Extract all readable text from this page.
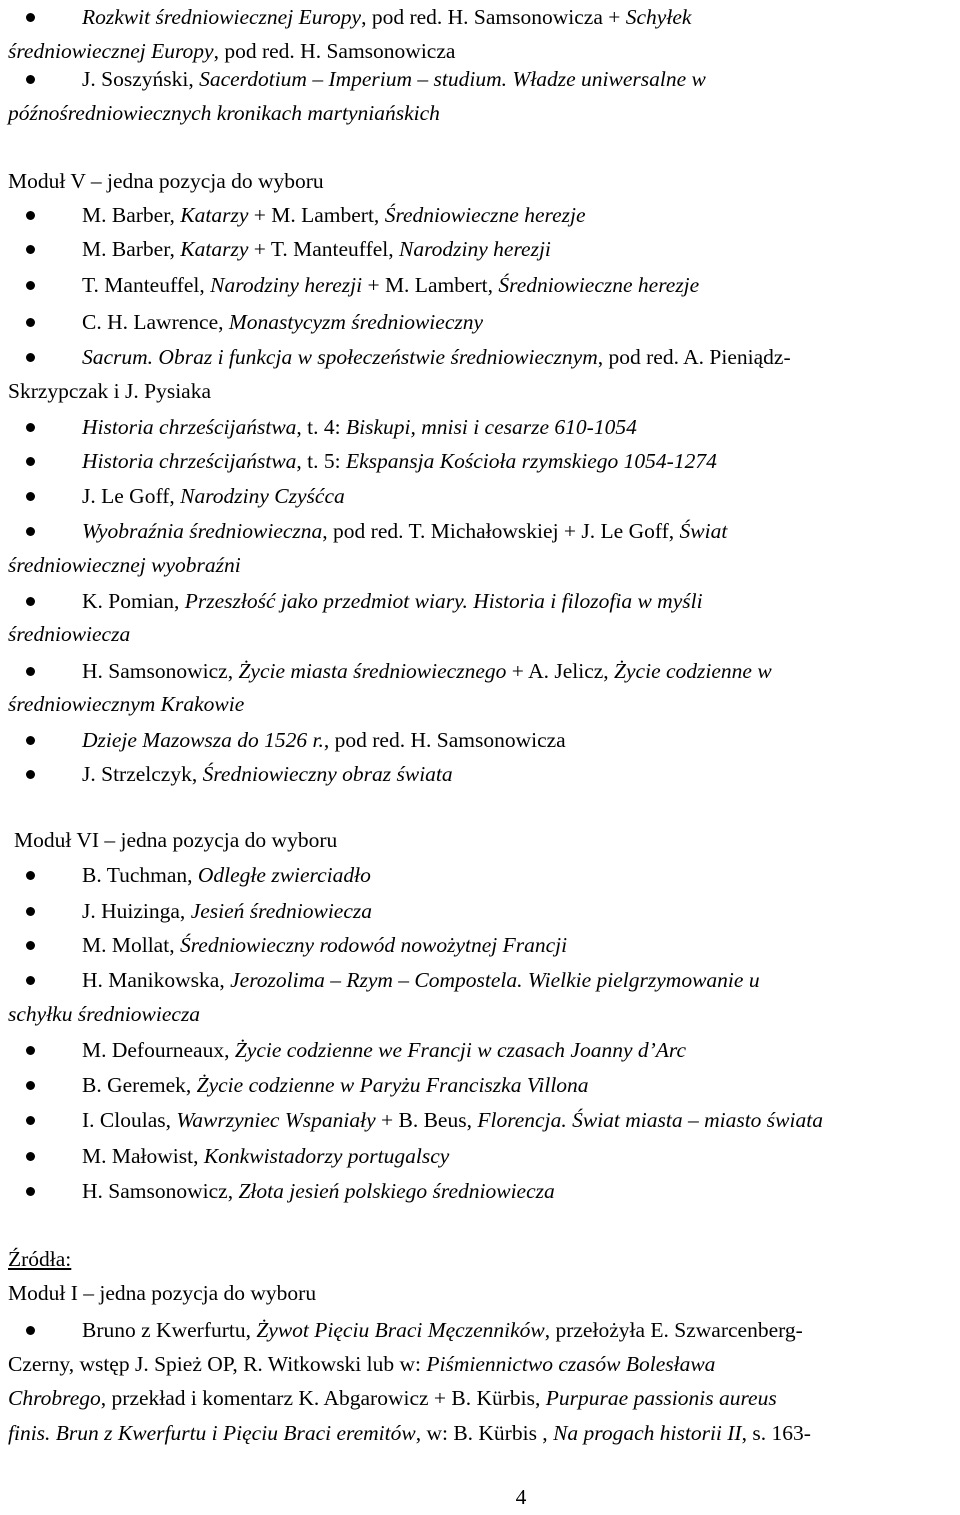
Rozkwit średniowiecznej Europy, pod red. H. Samsonowicza + Schyłek
średniowiecznej Europy, pod red. H. Samsonowicza
J. Soszyński, Sacerdotium – Imperium – studium. Władze uniwersalne w
późnośredniowiecznych kronikach martyniańskich
Moduł V – jedna pozycja do wyboru
M. Barber, Katarzy + M. Lambert, Średniowieczne herezje
M. Barber, Katarzy + T. Manteuffel, Narodziny herezji
T. Manteuffel, Narodziny herezji + M. Lambert, Średniowieczne herezje
C. H. Lawrence, Monastycyzm średniowieczny
Sacrum. Obraz i funkcja w społeczeństwie średniowiecznym, pod red. A. Pieniądz-
Skrzypczak i J. Pysiaka
Historia chrześcijaństwa, t. 4: Biskupi, mnisi i cesarze 610-1054
Historia chrześcijaństwa, t. 5: Ekspansja Kościoła rzymskiego 1054-1274
J. Le Goff, Narodziny Czyśćca
Wyobraźnia średniowieczna, pod red. T. Michałowskiej + J. Le Goff, Świat
średniowiecznej wyobraźni
K. Pomian, Przeszłość jako przedmiot wiary. Historia i filozofia w myśli
średniowiecza
H. Samsonowicz, Życie miasta średniowiecznego + A. Jelicz, Życie codzienne w
średniowiecznym Krakowie
Dzieje Mazowsza do 1526 r., pod red. H. Samsonowicza
J. Strzelczyk, Średniowieczny obraz świata
Moduł VI – jedna pozycja do wyboru
B. Tuchman, Odległe zwierciadło
J. Huizinga, Jesień średniowiecza
M. Mollat, Średniowieczny rodowód nowożytnej Francji
H. Manikowska, Jerozolima – Rzym – Compostela. Wielkie pielgrzymowanie u
schyłku średniowiecza
M. Defourneaux, Życie codzienne we Francji w czasach Joanny d’Arc
B. Geremek, Życie codzienne w Paryżu Franciszka Villona
I. Cloulas, Wawrzyniec Wspaniały + B. Beus, Florencja. Świat miasta – miasto świata
M. Małowist, Konkwistadorzy portugalscy
H. Samsonowicz, Złota jesień polskiego średniowiecza
Źródła:
Moduł I – jedna pozycja do wyboru
Bruno z Kwerfurtu, Żywot Pięciu Braci Męczenników, przełożyła E. Szwarcenberg-
Czerny, wstęp J. Spież OP, R. Witkowski lub w: Piśmiennictwo czasów Bolesława
Chrobrego, przekład i komentarz K. Abgarowicz + B. Kürbis, Purpurae passionis aureus
finis. Brun z Kwerfurtu i Pięciu Braci eremitów, w: B. Kürbis , Na progach historii II, s. 163-
4
